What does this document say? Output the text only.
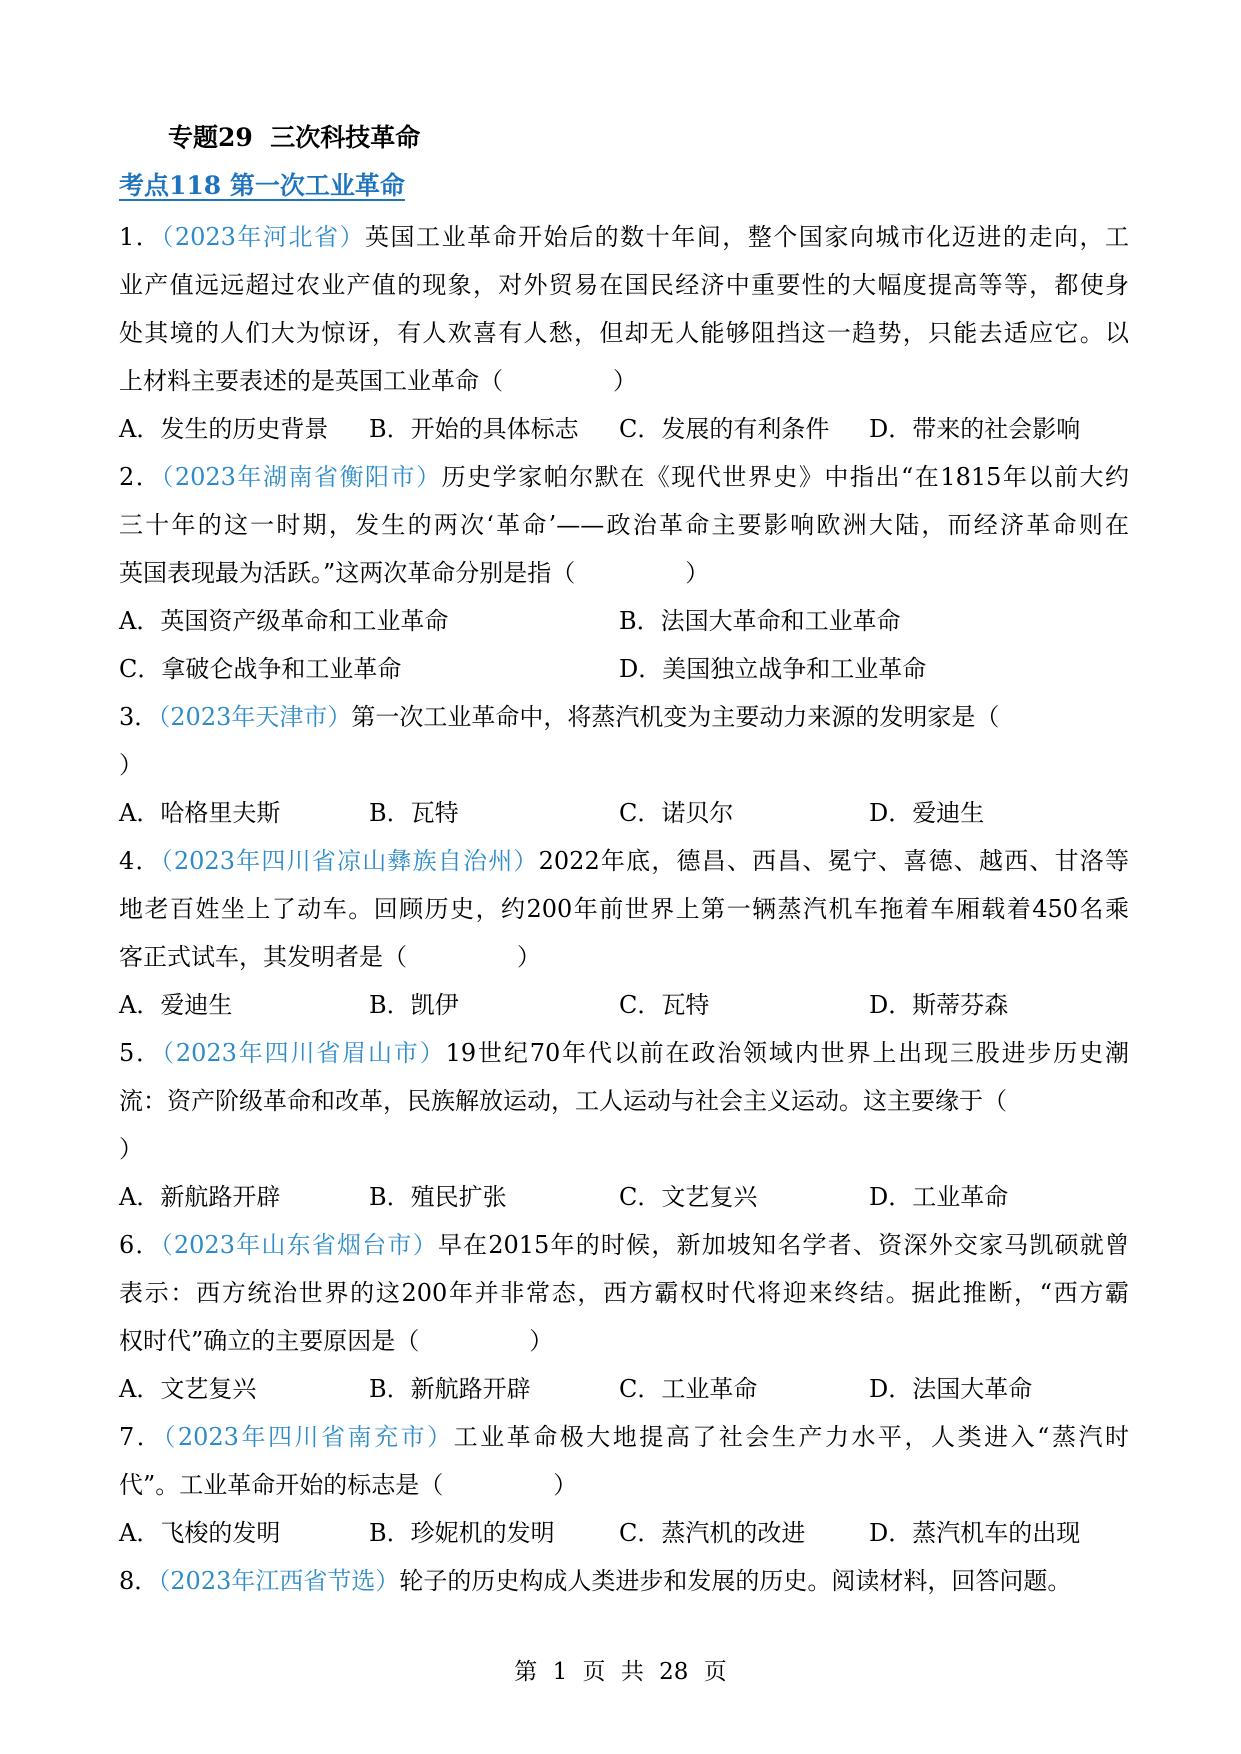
专题29  三次科技革命
考点118 第一次工业革命
1．（2023年河北省）英国工业革命开始后的数十年间，整个国家向城市化迈进的走向，工
业产值远远超过农业产值的现象，对外贸易在国民经济中重要性的大幅度提高等等，都使身
处其境的人们大为惊讶，有人欢喜有人愁，但却无人能够阻挡这一趋势，只能去适应它。以
上材料主要表述的是英国工业革命（	）
A．发生的历史背景	B．开始的具体标志	C．发展的有利条件	D．带来的社会影响
2．（2023年湖南省衡阳市）历史学家帕尔默在《现代世界史》中指出“在1815年以前大约
三十年的这一时期，发生的两次‘革命’——政治革命主要影响欧洲大陆，而经济革命则在
英国表现最为活跃。”这两次革命分别是指（	）
A．英国资产级革命和工业革命	B．法国大革命和工业革命
C．拿破仑战争和工业革命	D．美国独立战争和工业革命
3．（2023年天津市）第一次工业革命中，将蒸汽机变为主要动力来源的发明家是（
）
A．哈格里夫斯	B．瓦特	C．诺贝尔	D．爱迪生
4．（2023年四川省凉山彝族自治州）2022年底，德昌、西昌、冕宁、喜德、越西、甘洛等
地老百姓坐上了动车。回顾历史，约200年前世界上第一辆蒸汽机车拖着车厢载着450名乘
客正式试车，其发明者是（	）
A．爱迪生	B．凯伊	C．瓦特	D．斯蒂芬森
5．（2023年四川省眉山市）19世纪70年代以前在政治领域内世界上出现三股进步历史潮
流：资产阶级革命和改革，民族解放运动，工人运动与社会主义运动。这主要缘于（
）
A．新航路开辟	B．殖民扩张	C．文艺复兴	D．工业革命
6．（2023年山东省烟台市）早在2015年的时候，新加坡知名学者、资深外交家马凯硕就曾
表示：西方统治世界的这200年并非常态，西方霸权时代将迎来终结。据此推断，“西方霸
权时代”确立的主要原因是（	）
A．文艺复兴	B．新航路开辟	C．工业革命	D．法国大革命
7．（2023年四川省南充市）工业革命极大地提高了社会生产力水平，人类进入“蒸汽时
代”。工业革命开始的标志是（	）
A．飞梭的发明	B．珍妮机的发明	C．蒸汽机的改进	D．蒸汽机车的出现
8．（2023年江西省节选）轮子的历史构成人类进步和发展的历史。阅读材料，回答问题。
第 1 页 共 28 页
